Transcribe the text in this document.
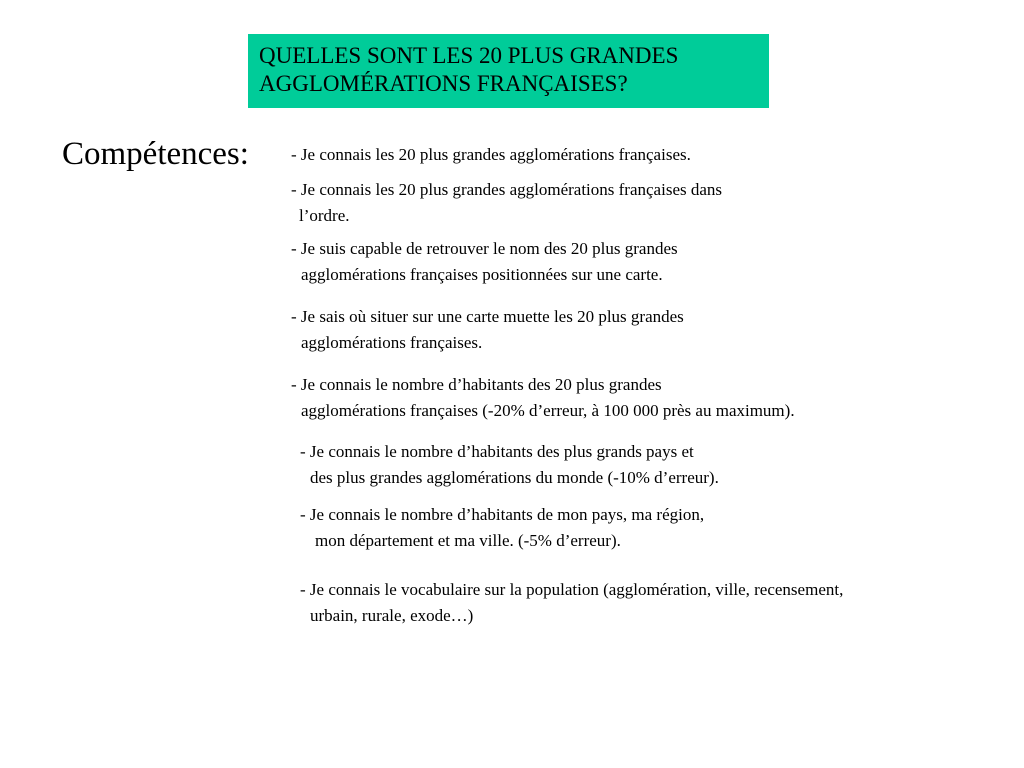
QUELLES SONT LES 20 PLUS GRANDES
AGGLOMÉRATIONS FRANÇAISES?
Compétences: - Je connais les 20 plus grandes agglomérations françaises.
- Je connais les 20 plus grandes agglomérations françaises dans
l’ordre.
- Je suis capable de retrouver le nom des 20 plus grandes
agglomérations françaises positionnées sur une carte.
- Je sais où situer sur une carte muette les 20 plus grandes
agglomérations françaises.
- Je connais le nombre d’habitants des 20 plus grandes
agglomérations françaises (-20% d’erreur, à 100 000 près au maximum).
- Je connais le nombre d’habitants des plus grands pays et
des plus grandes agglomérations du monde (-10% d’erreur).
- Je connais le nombre d’habitants de mon pays, ma région,
mon département et ma ville. (-5% d’erreur).
- Je connais le vocabulaire sur la population (agglomération, ville, recensement,
urbain, rurale, exode…)
